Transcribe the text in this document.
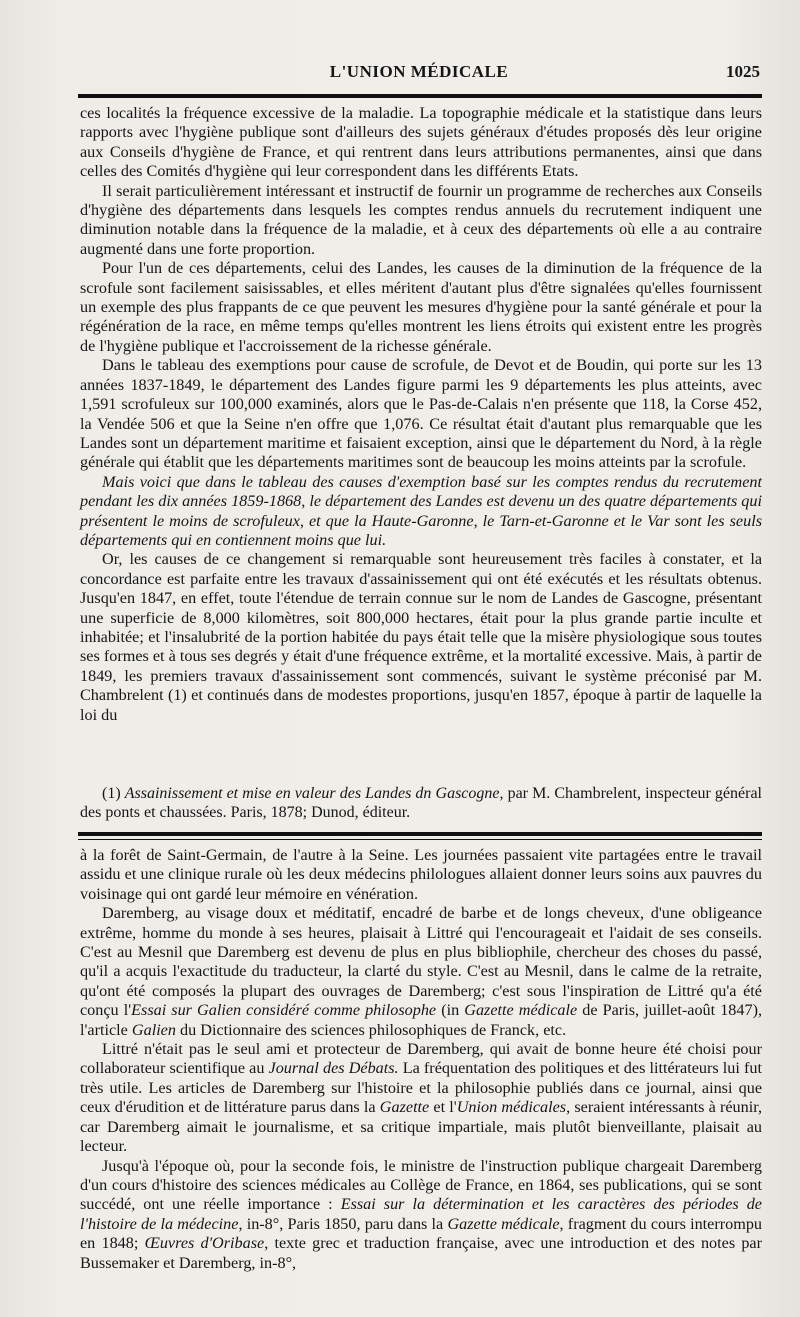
L'UNION MÉDICALE	1025

ces localités la fréquence excessive de la maladie. La topographie médicale et la statistique dans leurs rapports avec l'hygiène publique sont d'ailleurs des sujets généraux d'études proposés dès leur origine aux Conseils d'hygiène de France, et qui rentrent dans leurs attributions permanentes, ainsi que dans celles des Comités d'hygiène qui leur correspondent dans les différents Etats.

Il serait particulièrement intéressant et instructif de fournir un programme de recherches aux Conseils d'hygiène des départements dans lesquels les comptes rendus annuels du recrutement indiquent une diminution notable dans la fréquence de la maladie, et à ceux des départements où elle a au contraire augmenté dans une forte proportion.

Pour l'un de ces départements, celui des Landes, les causes de la diminution de la fréquence de la scrofule sont facilement saisissables, et elles méritent d'autant plus d'être signalées qu'elles fournissent un exemple des plus frappants de ce que peuvent les mesures d'hygiène pour la santé générale et pour la régénération de la race, en même temps qu'elles montrent les liens étroits qui existent entre les progrès de l'hygiène publique et l'accroissement de la richesse générale.

Dans le tableau des exemptions pour cause de scrofule, de Devot et de Boudin, qui porte sur les 13 années 1837-1849, le département des Landes figure parmi les 9 départements les plus atteints, avec 1,591 scrofuleux sur 100,000 examinés, alors que le Pas-de-Calais n'en présente que 118, la Corse 452, la Vendée 506 et que la Seine n'en offre que 1,076. Ce résultat était d'autant plus remarquable que les Landes sont un département maritime et faisaient exception, ainsi que le département du Nord, à la règle générale qui établit que les départements maritimes sont de beaucoup les moins atteints par la scrofule.

Mais voici que dans le tableau des causes d'exemption basé sur les comptes rendus du recrutement pendant les dix années 1859-1868, le département des Landes est devenu un des quatre départements qui présentent le moins de scrofuleux, et que la Haute-Garonne, le Tarn-et-Garonne et le Var sont les seuls départements qui en contiennent moins que lui.

Or, les causes de ce changement si remarquable sont heureusement très faciles à constater, et la concordance est parfaite entre les travaux d'assainissement qui ont été exécutés et les résultats obtenus. Jusqu'en 1847, en effet, toute l'étendue de terrain connue sur le nom de Landes de Gascogne, présentant une superficie de 8,000 kilomètres, soit 800,000 hectares, était pour la plus grande partie inculte et inhabitée; et l'insalubrité de la portion habitée du pays était telle que la misère physiologique sous toutes ses formes et à tous ses degrés y était d'une fréquence extrême, et la mortalité excessive. Mais, à partir de 1849, les premiers travaux d'assainissement sont commencés, suivant le système préconisé par M. Chambrelent (1) et continués dans de modestes proportions, jusqu'en 1857, époque à partir de laquelle la loi du

(1) Assainissement et mise en valeur des Landes dn Gascogne, par M. Chambrelent, inspecteur général des ponts et chaussées. Paris, 1878; Dunod, éditeur.

à la forêt de Saint-Germain, de l'autre à la Seine. Les journées passaient vite partagées entre le travail assidu et une clinique rurale où les deux médecins philologues allaient donner leurs soins aux pauvres du voisinage qui ont gardé leur mémoire en vénération.

Daremberg, au visage doux et méditatif, encadré de barbe et de longs cheveux, d'une obligeance extrême, homme du monde à ses heures, plaisait à Littré qui l'encourageait et l'aidait de ses conseils. C'est au Mesnil que Daremberg est devenu de plus en plus bibliophile, chercheur des choses du passé, qu'il a acquis l'exactitude du traducteur, la clarté du style. C'est au Mesnil, dans le calme de la retraite, qu'ont été composés la plupart des ouvrages de Daremberg; c'est sous l'inspiration de Littré qu'a été conçu l'Essai sur Galien considéré comme philosophe (in Gazette médicale de Paris, juillet-août 1847), l'article Galien du Dictionnaire des sciences philosophiques de Franck, etc.

Littré n'était pas le seul ami et protecteur de Daremberg, qui avait de bonne heure été choisi pour collaborateur scientifique au Journal des Débats. La fréquentation des politiques et des littérateurs lui fut très utile. Les articles de Daremberg sur l'histoire et la philosophie publiés dans ce journal, ainsi que ceux d'érudition et de littérature parus dans la Gazette et l'Union médicales, seraient intéressants à réunir, car Daremberg aimait le journalisme, et sa critique impartiale, mais plutôt bienveillante, plaisait au lecteur.

Jusqu'à l'époque où, pour la seconde fois, le ministre de l'instruction publique chargeait Daremberg d'un cours d'histoire des sciences médicales au Collège de France, en 1864, ses publications, qui se sont succédé, ont une réelle importance : Essai sur la détermination et les caractères des périodes de l'histoire de la médecine, in-8°, Paris 1850, paru dans la Gazette médicale, fragment du cours interrompu en 1848; Œuvres d'Oribase, texte grec et traduction française, avec une introduction et des notes par Bussemaker et Daremberg, in-8°,
